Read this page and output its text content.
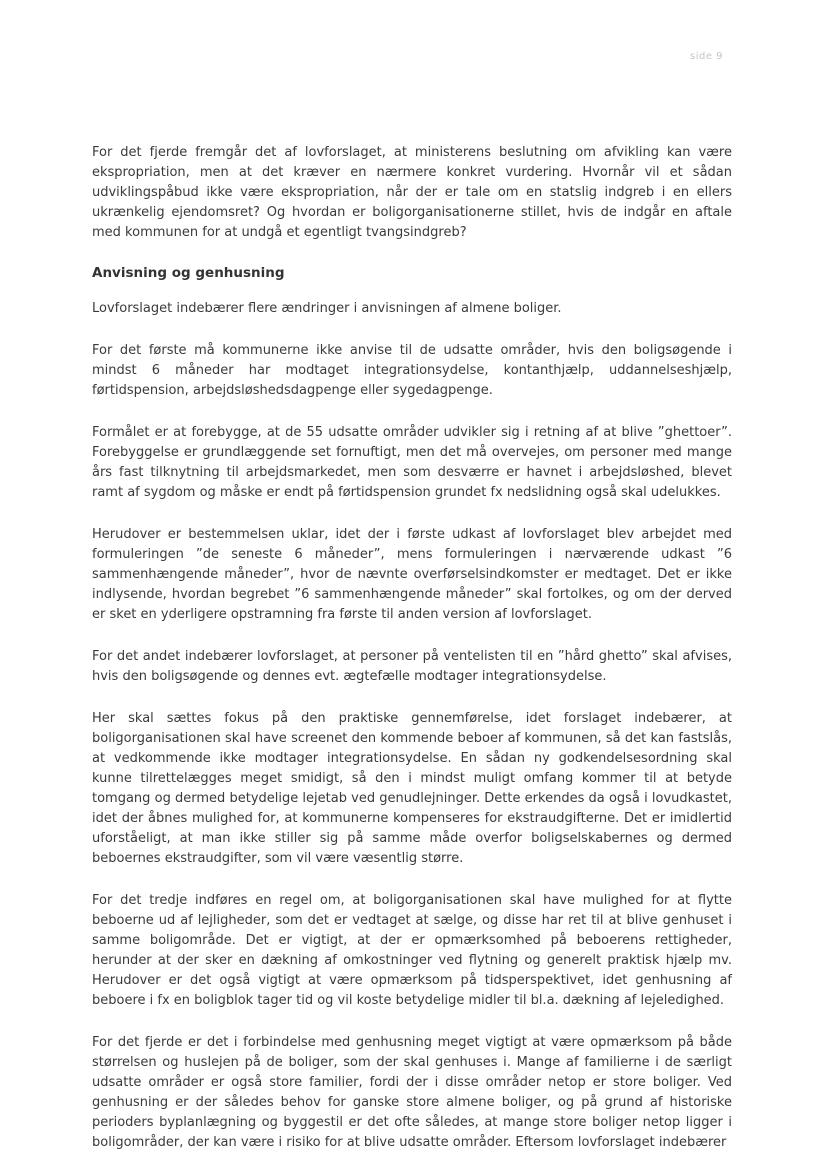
side 9

For det fjerde fremgår det af lovforslaget, at ministerens beslutning om afvikling kan være ekspropriation, men at det kræver en nærmere konkret vurdering. Hvornår vil et sådan udviklingspåbud ikke være ekspropriation, når der er tale om en statslig indgreb i en ellers ukrænkelig ejendomsret? Og hvordan er boligorganisationerne stillet, hvis de indgår en aftale med kommunen for at undgå et egentligt tvangsindgreb?

Anvisning og genhusning

Lovforslaget indebærer flere ændringer i anvisningen af almene boliger.

For det første må kommunerne ikke anvise til de udsatte områder, hvis den boligsøgende i mindst 6 måneder har modtaget integrationsydelse, kontanthjælp, uddannelseshjælp, førtidspension, arbejdsløshedsdagpenge eller sygedagpenge.

Formålet er at forebygge, at de 55 udsatte områder udvikler sig i retning af at blive ”ghettoer”. Forebyggelse er grundlæggende set fornuftigt, men det må overvejes, om personer med mange års fast tilknytning til arbejdsmarkedet, men som desværre er havnet i arbejdsløshed, blevet ramt af sygdom og måske er endt på førtidspension grundet fx nedslidning også skal udelukkes.

Herudover er bestemmelsen uklar, idet der i første udkast af lovforslaget blev arbejdet med formuleringen ”de seneste 6 måneder”, mens formuleringen i nærværende udkast ”6 sammenhængende måneder”, hvor de nævnte overførselsindkomster er medtaget. Det er ikke indlysende, hvordan begrebet ”6 sammenhængende måneder” skal fortolkes, og om der derved er sket en yderligere opstramning fra første til anden version af lovforslaget.

For det andet indebærer lovforslaget, at personer på ventelisten til en ”hård ghetto” skal afvises, hvis den boligsøgende og dennes evt. ægtefælle modtager integrationsydelse.

Her skal sættes fokus på den praktiske gennemførelse, idet forslaget indebærer, at boligorganisationen skal have screenet den kommende beboer af kommunen, så det kan fastslås, at vedkommende ikke modtager integrationsydelse. En sådan ny godkendelsesordning skal kunne tilrettelægges meget smidigt, så den i mindst muligt omfang kommer til at betyde tomgang og dermed betydelige lejetab ved genudlejninger. Dette erkendes da også i lovudkastet, idet der åbnes mulighed for, at kommunerne kompenseres for ekstraudgifterne. Det er imidlertid uforståeligt, at man ikke stiller sig på samme måde overfor boligselskabernes og dermed beboernes ekstraudgifter, som vil være væsentlig større.

For det tredje indføres en regel om, at boligorganisationen skal have mulighed for at flytte beboerne ud af lejligheder, som det er vedtaget at sælge, og disse har ret til at blive genhuset i samme boligområde. Det er vigtigt, at der er opmærksomhed på beboerens rettigheder, herunder at der sker en dækning af omkostninger ved flytning og generelt praktisk hjælp mv. Herudover er det også vigtigt at være opmærksom på tidsperspektivet, idet genhusning af beboere i fx en boligblok tager tid og vil koste betydelige midler til bl.a. dækning af lejeledighed.

For det fjerde er det i forbindelse med genhusning meget vigtigt at være opmærksom på både størrelsen og huslejen på de boliger, som der skal genhuses i. Mange af familierne i de særligt udsatte områder er også store familier, fordi der i disse områder netop er store boliger. Ved genhusning er der således behov for ganske store almene boliger, og på grund af historiske perioders byplanlægning og byggestil er det ofte således, at mange store boliger netop ligger i boligområder, der kan være i risiko for at blive udsatte områder. Eftersom lovforslaget indebærer
